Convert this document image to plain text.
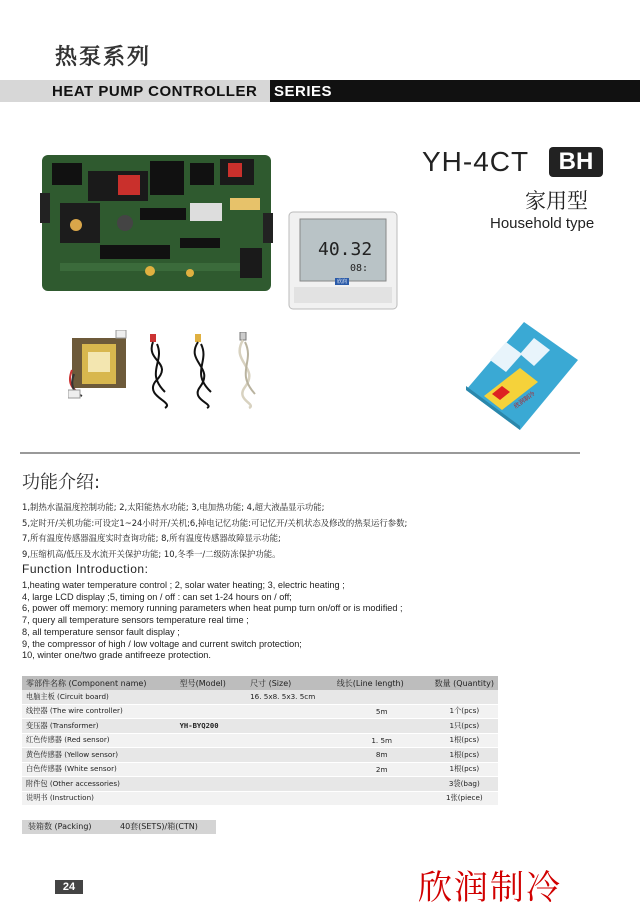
热泵系列
HEAT PUMP CONTROLLER SERIES
YH-4CT	BH
家用型
Household type
40.32
08:
欣润
欣润制冷
功能介绍:
1,制热水温温度控制功能; 2,太阳能热水功能; 3,电加热功能; 4,超大液晶显示功能;
5,定时开/关机功能:可设定1~24小时开/关机;6,掉电记忆功能:可记忆开/关机状态及修改的热泵运行参数;
7,所有温度传感器温度实时查询功能; 8,所有温度传感器故障显示功能;
9,压缩机高/低压及水流开关保护功能; 10,冬季一/二级防冻保护功能。
Function Introduction:
1,heating water temperature control ; 2, solar water heating; 3, electric heating ;
4, large LCD display ;5, timing on / off : can set 1-24 hours on / off;
6, power off memory: memory running parameters when heat pump turn on/off or is modified ;
7, query all temperature sensors temperature real time ;
8, all temperature sensor fault display ;
9, the compressor of high / low voltage and current switch protection;
10, winter one/two grade antifreeze protection.
零部件名称 (Component name)	型号(Model)	尺寸 (Size)	线长(Line length)	数量 (Quantity)
电脑主板 (Circuit board)		16. 5x8. 5x3. 5cm		
线控器 (The wire controller)			5m	1个(pcs)
变压器 (Transformer)	YH-BYQ200			1只(pcs)
红色传感器 (Red sensor)			1. 5m	1根(pcs)
黄色传感器 (Yellow sensor)			8m	1根(pcs)
白色传感器 (White sensor)			2m	1根(pcs)
附件包 (Other accessories)				3袋(bag)
说明书 (Instruction)				1张(piece)
装箱数 (Packing)	40套(SETS)/箱(CTN)
24	欣润制冷
